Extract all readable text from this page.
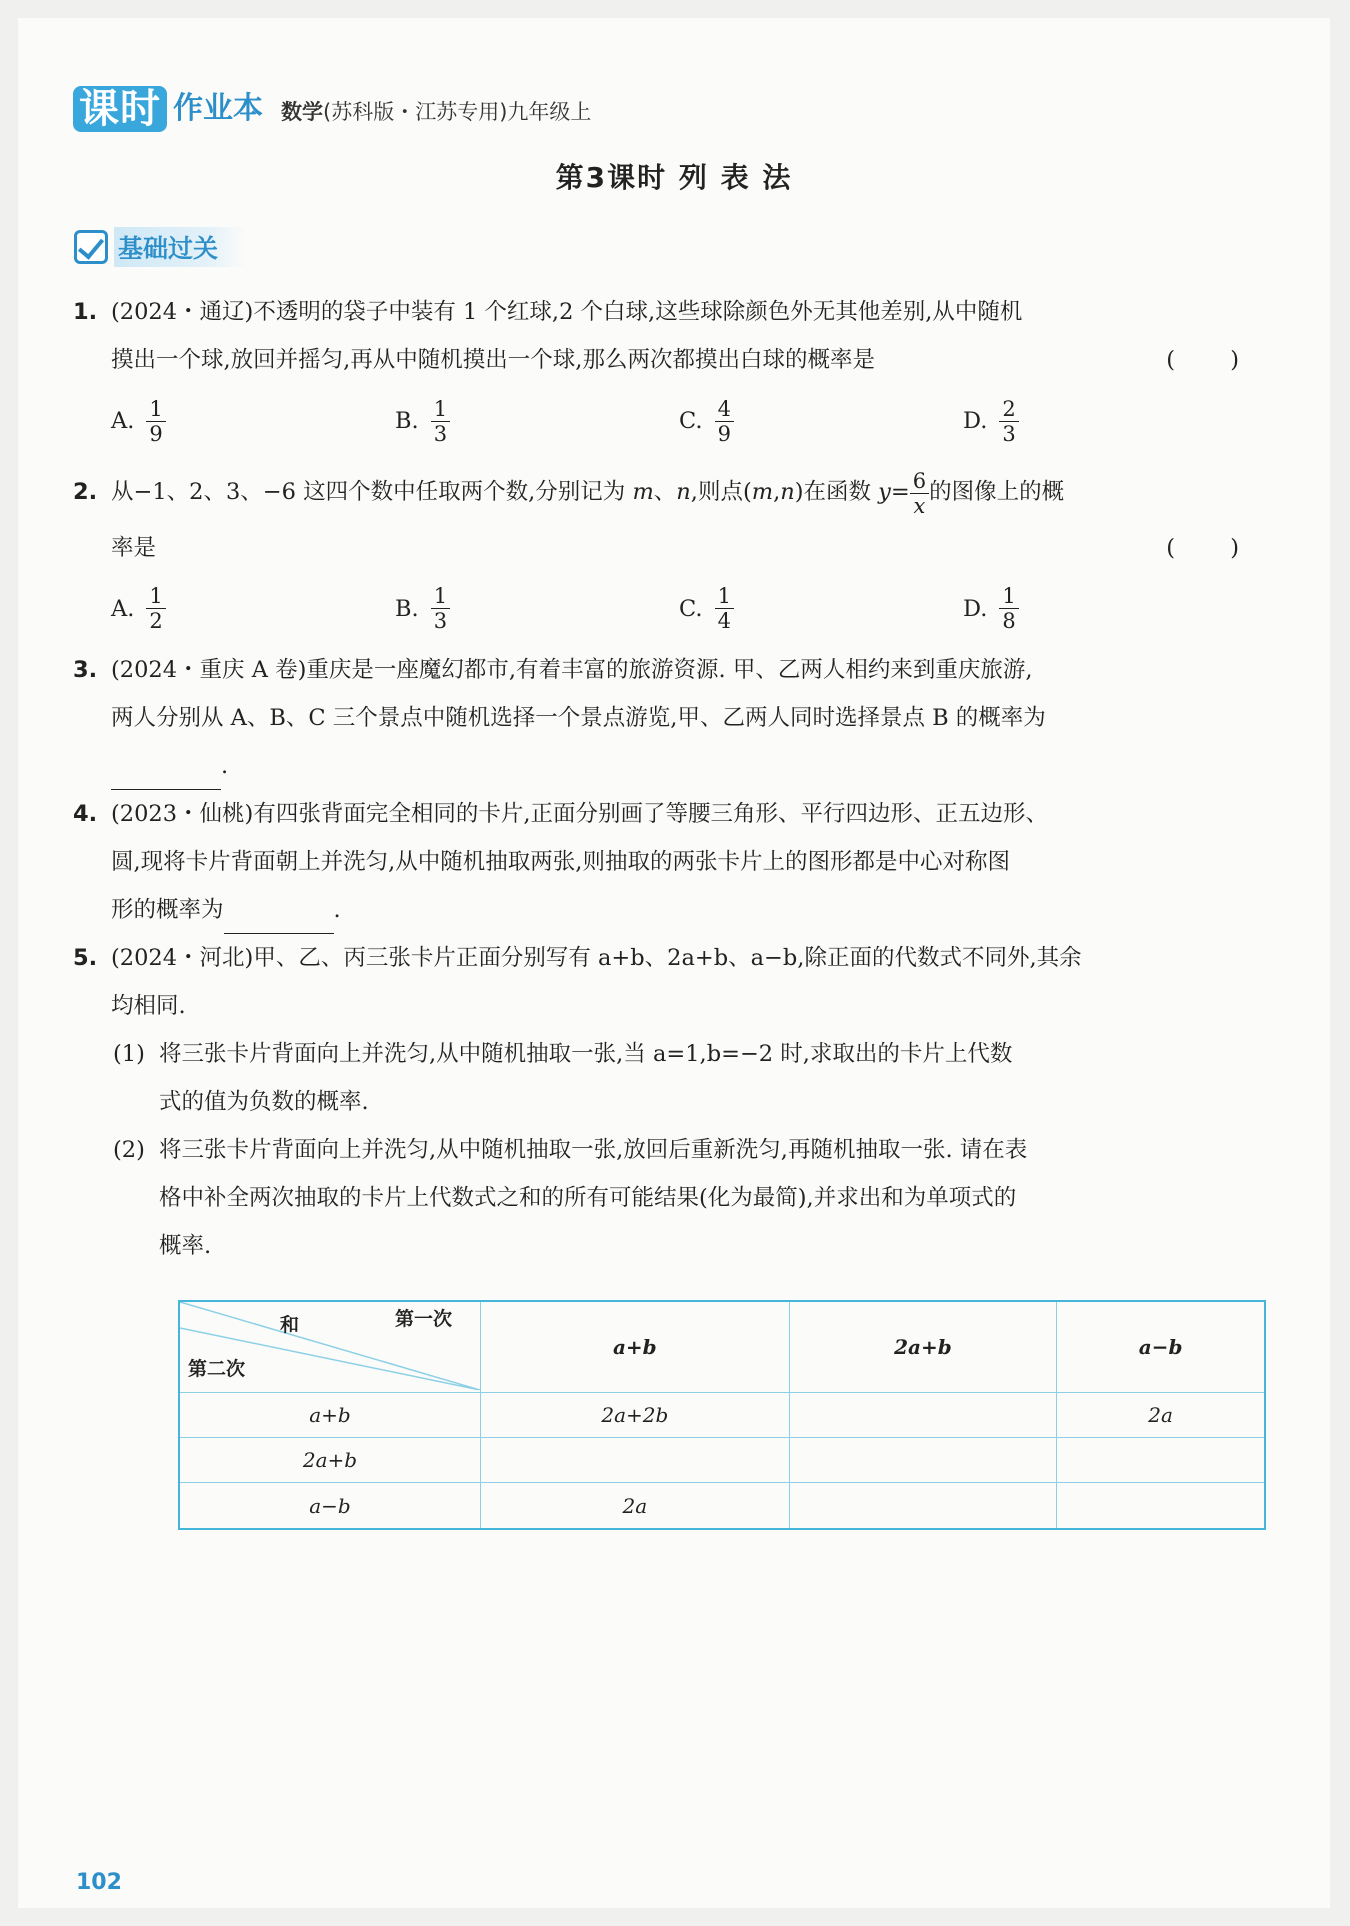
课时 作业本 数学(苏科版・江苏专用)九年级上
第3课时 列 表 法
基础过关
1. (2024・通辽)不透明的袋子中装有 1 个红球,2 个白球,这些球除颜色外无其他差别,从中随机
摸出一个球,放回并摇匀,再从中随机摸出一个球,那么两次都摸出白球的概率是	( )
A. $\frac{1}{9}$	B. $\frac{1}{3}$	C. $\frac{4}{9}$	D. $\frac{2}{3}$
2. 从−1、2、3、−6 这四个数中任取两个数,分别记为 m、n,则点(m,n)在函数 $y= \frac{6}{x}$ 的图像上的概
率是	( )
A. $\frac{1}{2}$	B. $\frac{1}{3}$	C. $\frac{1}{4}$	D. $\frac{1}{8}$
3. (2024・重庆 A 卷)重庆是一座魔幻都市,有着丰富的旅游资源. 甲、乙两人相约来到重庆旅游,
两人分别从 A、B、C 三个景点中随机选择一个景点游览,甲、乙两人同时选择景点 B 的概率为
.
4. (2023・仙桃)有四张背面完全相同的卡片,正面分别画了等腰三角形、平行四边形、正五边形、
圆,现将卡片背面朝上并洗匀,从中随机抽取两张,则抽取的两张卡片上的图形都是中心对称图
形的概率为	.
5. (2024・河北)甲、乙、丙三张卡片正面分别写有 a+b、2a+b、a−b,除正面的代数式不同外,其余
均相同.
(1) 将三张卡片背面向上并洗匀,从中随机抽取一张,当 a=1,b=−2 时,求取出的卡片上代数
式的值为负数的概率.
(2) 将三张卡片背面向上并洗匀,从中随机抽取一张,放回后重新洗匀,再随机抽取一张. 请在表
格中补全两次抽取的卡片上代数式之和的所有可能结果(化为最简),并求出和为单项式的
概率.
和 第一次
第二次	a+b	2a+b	a−b
a+b	2a+2b		2a
2a+b			
a−b	2a		
102
